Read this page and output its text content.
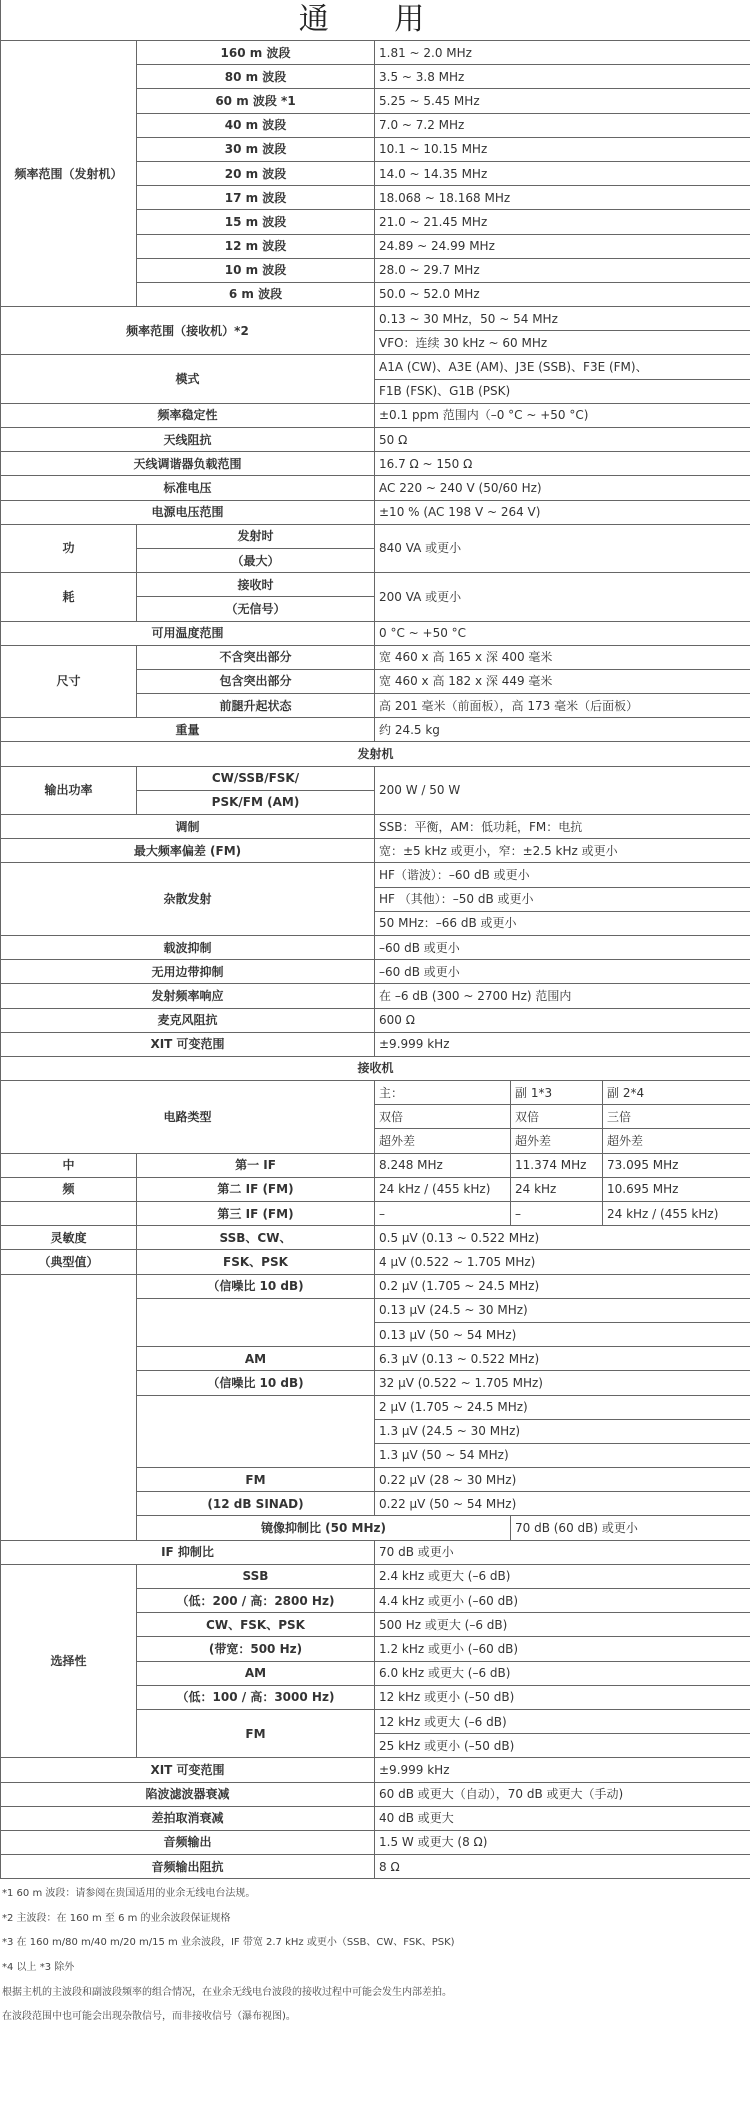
通 用				
频率范围（发射机）	160 m 波段	1.81 ~ 2.0 MHz		
	80 m 波段	3.5 ~ 3.8 MHz		
	60 m 波段 *1	5.25 ~ 5.45 MHz		
	40 m 波段	7.0 ~ 7.2 MHz		
	30 m 波段	10.1 ~ 10.15 MHz		
	20 m 波段	14.0 ~ 14.35 MHz		
	17 m 波段	18.068 ~ 18.168 MHz		
	15 m 波段	21.0 ~ 21.45 MHz		
	12 m 波段	24.89 ~ 24.99 MHz		
	10 m 波段	28.0 ~ 29.7 MHz		
	6 m 波段	50.0 ~ 52.0 MHz		
频率范围（接收机）*2		0.13 ~ 30 MHz，50 ~ 54 MHz		
		VFO：连续 30 kHz ~ 60 MHz		
模式		A1A (CW)、A3E (AM)、J3E (SSB)、F3E (FM)、		
		F1B (FSK)、G1B (PSK)		
频率稳定性		±0.1 ppm 范围内（–0 °C ~ +50 °C)		
天线阻抗		50 Ω		
天线调谐器负载范围		16.7 Ω ~ 150 Ω		
标准电压		AC 220 ~ 240 V (50/60 Hz)		
电源电压范围		±10 % (AC 198 V ~ 264 V)		
功	发射时	840 VA 或更小		
	（最大）			
耗	接收时	200 VA 或更小		
	（无信号）			
可用温度范围		0 °C ~ +50 °C		
尺寸	不含突出部分	宽 460 x 高 165 x 深 400 毫米		
	包含突出部分	宽 460 x 高 182 x 深 449 毫米		
	前腿升起状态	高 201 毫米（前面板），高 173 毫米（后面板）		
重量		约 24.5 kg		
发射机				
输出功率	CW/SSB/FSK/	200 W / 50 W		
	PSK/FM (AM)			
调制		SSB：平衡，AM：低功耗，FM：电抗		
最大频率偏差 (FM)		宽：±5 kHz 或更小，窄：±2.5 kHz 或更小		
杂散发射		HF（谐波）：–60 dB 或更小		
		HF （其他）：–50 dB 或更小		
		50 MHz：–66 dB 或更小		
载波抑制		–60 dB 或更小		
无用边带抑制		–60 dB 或更小		
发射频率响应		在 –6 dB (300 ~ 2700 Hz) 范围内		
麦克风阻抗		600 Ω		
XIT 可变范围		±9.999 kHz		
接收机				
电路类型		主：	副 1*3	副 2*4
		双倍	双倍	三倍
		超外差	超外差	超外差
中	第一 IF	8.248 MHz	11.374 MHz	73.095 MHz
频	第二 IF (FM)	24 kHz / (455 kHz)	24 kHz	10.695 MHz
	第三 IF (FM)	–	–	24 kHz / (455 kHz)
灵敏度	SSB、CW、	0.5 μV (0.13 ~ 0.522 MHz)		
（典型值）	FSK、PSK	4 μV (0.522 ~ 1.705 MHz)		
	（信噪比 10 dB)	0.2 μV (1.705 ~ 24.5 MHz)		
		0.13 μV (24.5 ~ 30 MHz)		
		0.13 μV (50 ~ 54 MHz)		
	AM	6.3 μV (0.13 ~ 0.522 MHz)		
	（信噪比 10 dB)	32 μV (0.522 ~ 1.705 MHz)		
		2 μV (1.705 ~ 24.5 MHz)		
		1.3 μV (24.5 ~ 30 MHz)		
		1.3 μV (50 ~ 54 MHz)		
	FM	0.22 μV (28 ~ 30 MHz)		
	(12 dB SINAD)	0.22 μV (50 ~ 54 MHz)		
	镜像抑制比 (50 MHz)		70 dB (60 dB) 或更小	
IF 抑制比		70 dB 或更小		
选择性	SSB	2.4 kHz 或更大 (–6 dB)		
	（低：200 / 高：2800 Hz)	4.4 kHz 或更小 (–60 dB)		
	CW、FSK、PSK	500 Hz 或更大 (–6 dB)		
	(带宽：500 Hz)	1.2 kHz 或更小 (–60 dB)		
	AM	6.0 kHz 或更大 (–6 dB)		
	（低：100 / 高：3000 Hz)	12 kHz 或更小 (–50 dB)		
	FM	12 kHz 或更大 (–6 dB)		
		25 kHz 或更小 (–50 dB)		
XIT 可变范围		±9.999 kHz		
陷波滤波器衰减		60 dB 或更大（自动），70 dB 或更大（手动)		
差拍取消衰减		40 dB 或更大		
音频输出		1.5 W 或更大 (8 Ω)		
音频输出阻抗		8 Ω		
*1 60 m 波段：请参阅在贵国适用的业余无线电台法规。
*2 主波段：在 160 m 至 6 m 的业余波段保证规格
*3 在 160 m/80 m/40 m/20 m/15 m 业余波段，IF 带宽 2.7 kHz 或更小（SSB、CW、FSK、PSK)
*4 以上 *3 除外
根据主机的主波段和副波段频率的组合情况，在业余无线电台波段的接收过程中可能会发生内部差拍。
在波段范围中也可能会出现杂散信号，而非接收信号（瀑布视图)。
